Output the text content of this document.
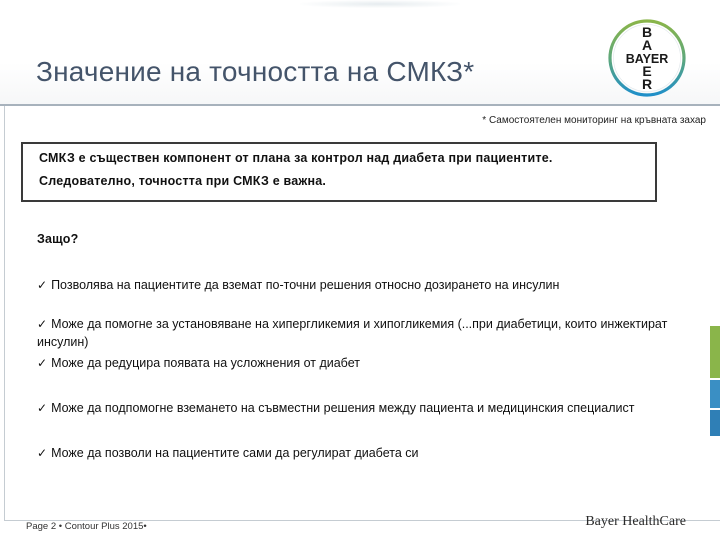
Значение на точността на СМКЗ*
B
A
BAYER
E
R
* Самостоятелен мониторинг на кръвната захар

СМКЗ е съществен компонент от плана за контрол над диабета при пациентите.

Следователно, точността при СМКЗ е важна.

Защо?
✓ Позволява на пациентите да вземат по-точни решения относно дозирането на инсулин
✓ Може да помогне за установяване на хипергликемия и хипогликемия (...при диабетици, които инжектират инсулин)
✓ Може да редуцира появата на усложнения от диабет
✓ Може да подпомогне вземането на съвместни решения между пациента и медицинския специалист
✓ Може да позволи на пациентите сами да регулират диабета си
Page 2 • Contour Plus 2015•	Bayer HealthCare
